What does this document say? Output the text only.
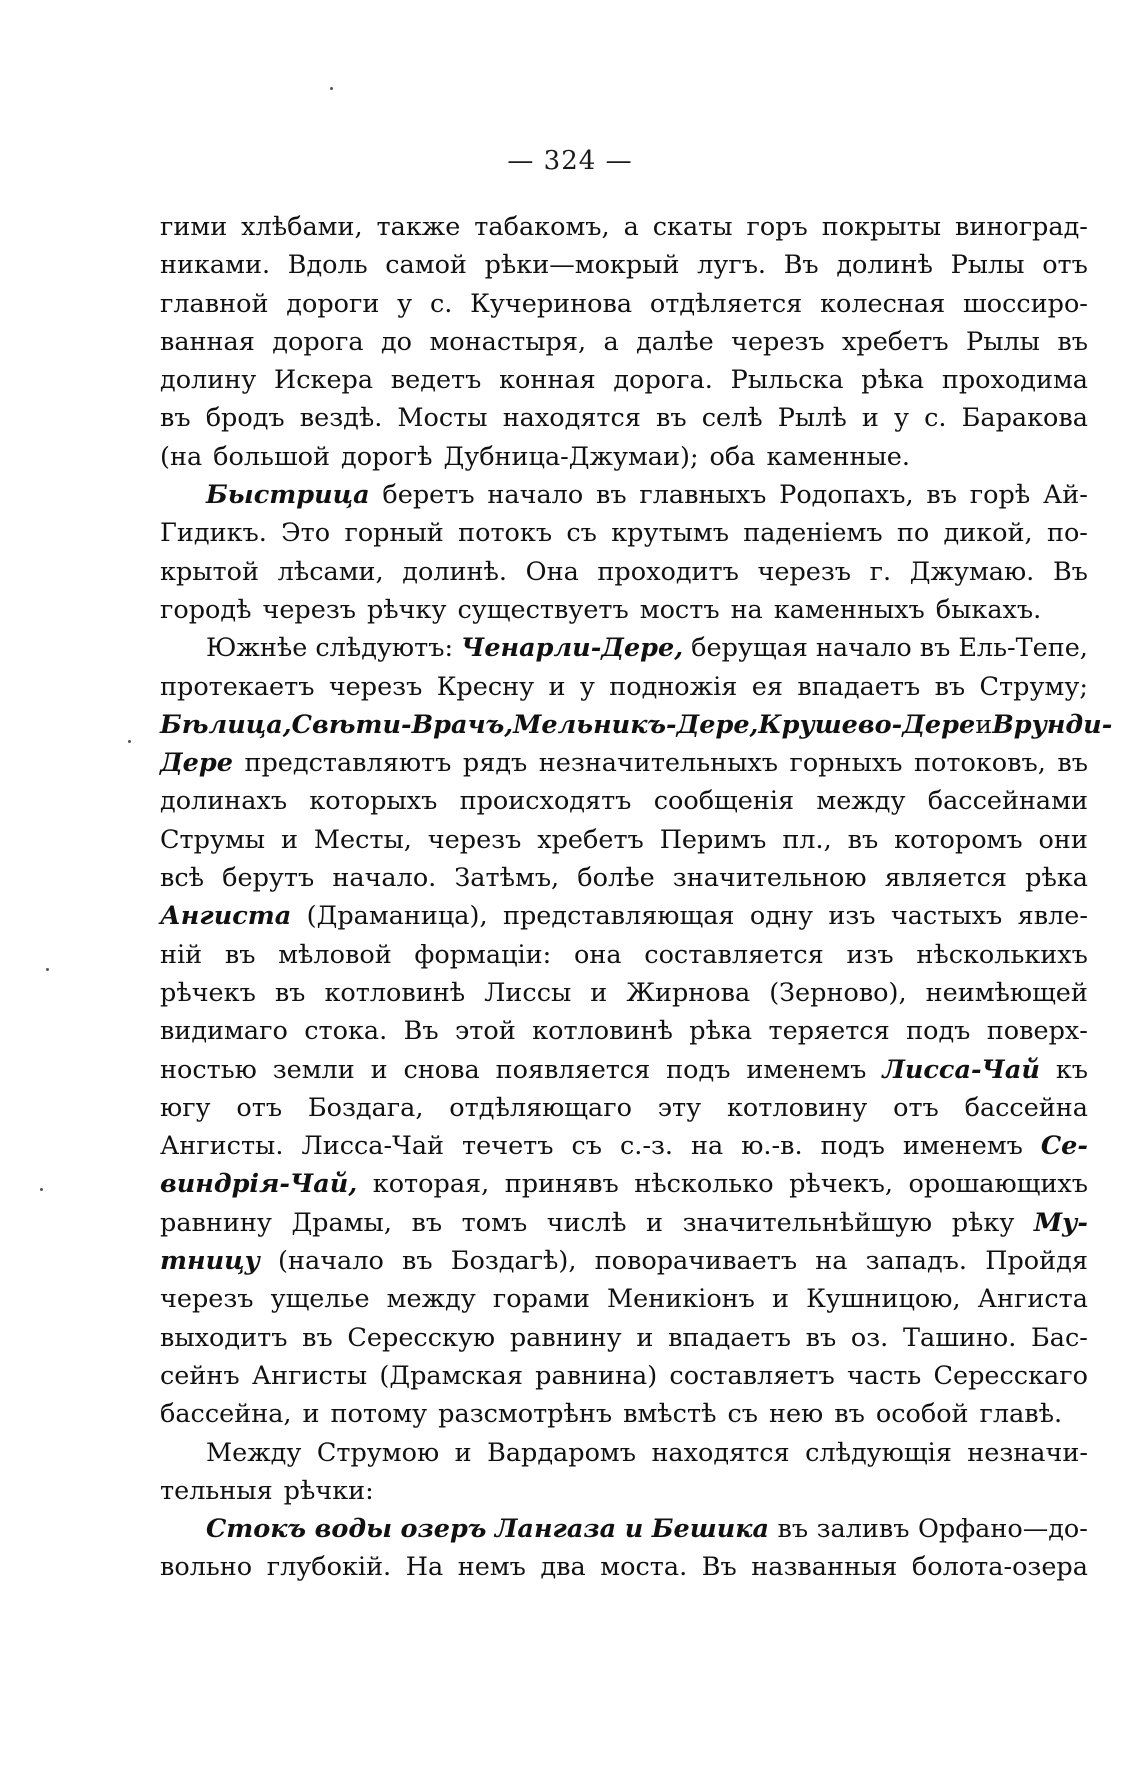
— 324 —
гими хлѣбами, также табакомъ, а скаты горъ покрыты виноград-
никами. Вдоль самой рѣки—мокрый лугъ. Въ долинѣ Рылы отъ
главной дороги у с. Кучеринова отдѣляется колесная шоссиро-
ванная дорога до монастыря, а далѣе черезъ хребетъ Рылы въ
долину Искера ведетъ конная дорога. Рыльска рѣка проходима
въ бродъ вездѣ. Мосты находятся въ селѣ Рылѣ и у с. Баракова
(на большой дорогѣ Дубница-Джумаи); оба каменные.
Быстрица беретъ начало въ главныхъ Родопахъ, въ горѣ Ай-
Гидикъ. Это горный потокъ съ крутымъ паденіемъ по дикой, по-
крытой лѣсами, долинѣ. Она проходитъ черезъ г. Джумаю. Въ
городѣ черезъ рѣчку существуетъ мостъ на каменныхъ быкахъ.
Южнѣе слѣдуютъ: Ченарли-Дере, берущая начало въ Ель-Тепе,
протекаетъ черезъ Кресну и у подножія ея впадаетъ въ Струму;
Бѣлица, Свѣти-Врачъ, Мельникъ-Дере, Крушево-Дере и Врунди-
Дере представляютъ рядъ незначительныхъ горныхъ потоковъ, въ
долинахъ которыхъ происходятъ сообщенія между бассейнами
Струмы и Месты, черезъ хребетъ Перимъ пл., въ которомъ они
всѣ берутъ начало. Затѣмъ, болѣе значительною является рѣка
Ангиста (Драманица), представляющая одну изъ частыхъ явле-
ній въ мѣловой формаціи: она составляется изъ нѣсколькихъ
рѣчекъ въ котловинѣ Лиссы и Жирнова (Зерново), неимѣющей
видимаго стока. Въ этой котловинѣ рѣка теряется подъ поверх-
ностью земли и снова появляется подъ именемъ Лисса-Чай къ
югу отъ Боздага, отдѣляющаго эту котловину отъ бассейна
Ангисты. Лисса-Чай течетъ съ с.-з. на ю.-в. подъ именемъ Се-
виндрія-Чай, которая, принявъ нѣсколько рѣчекъ, орошающихъ
равнину Драмы, въ томъ числѣ и значительнѣйшую рѣку Му-
тницу (начало въ Боздагѣ), поворачиваетъ на западъ. Пройдя
черезъ ущелье между горами Меникіонъ и Кушницою, Ангиста
выходитъ въ Сересскую равнину и впадаетъ въ оз. Ташино. Бас-
сейнъ Ангисты (Драмская равнина) составляетъ часть Сересскаго
бассейна, и потому разсмотрѣнъ вмѣстѣ съ нею въ особой главѣ.
Между Струмою и Вардаромъ находятся слѣдующія незначи-
тельныя рѣчки:
Стокъ воды озеръ Лангаза и Бешика въ заливъ Орфано—до-
вольно глубокій. На немъ два моста. Въ названныя болота-озера
